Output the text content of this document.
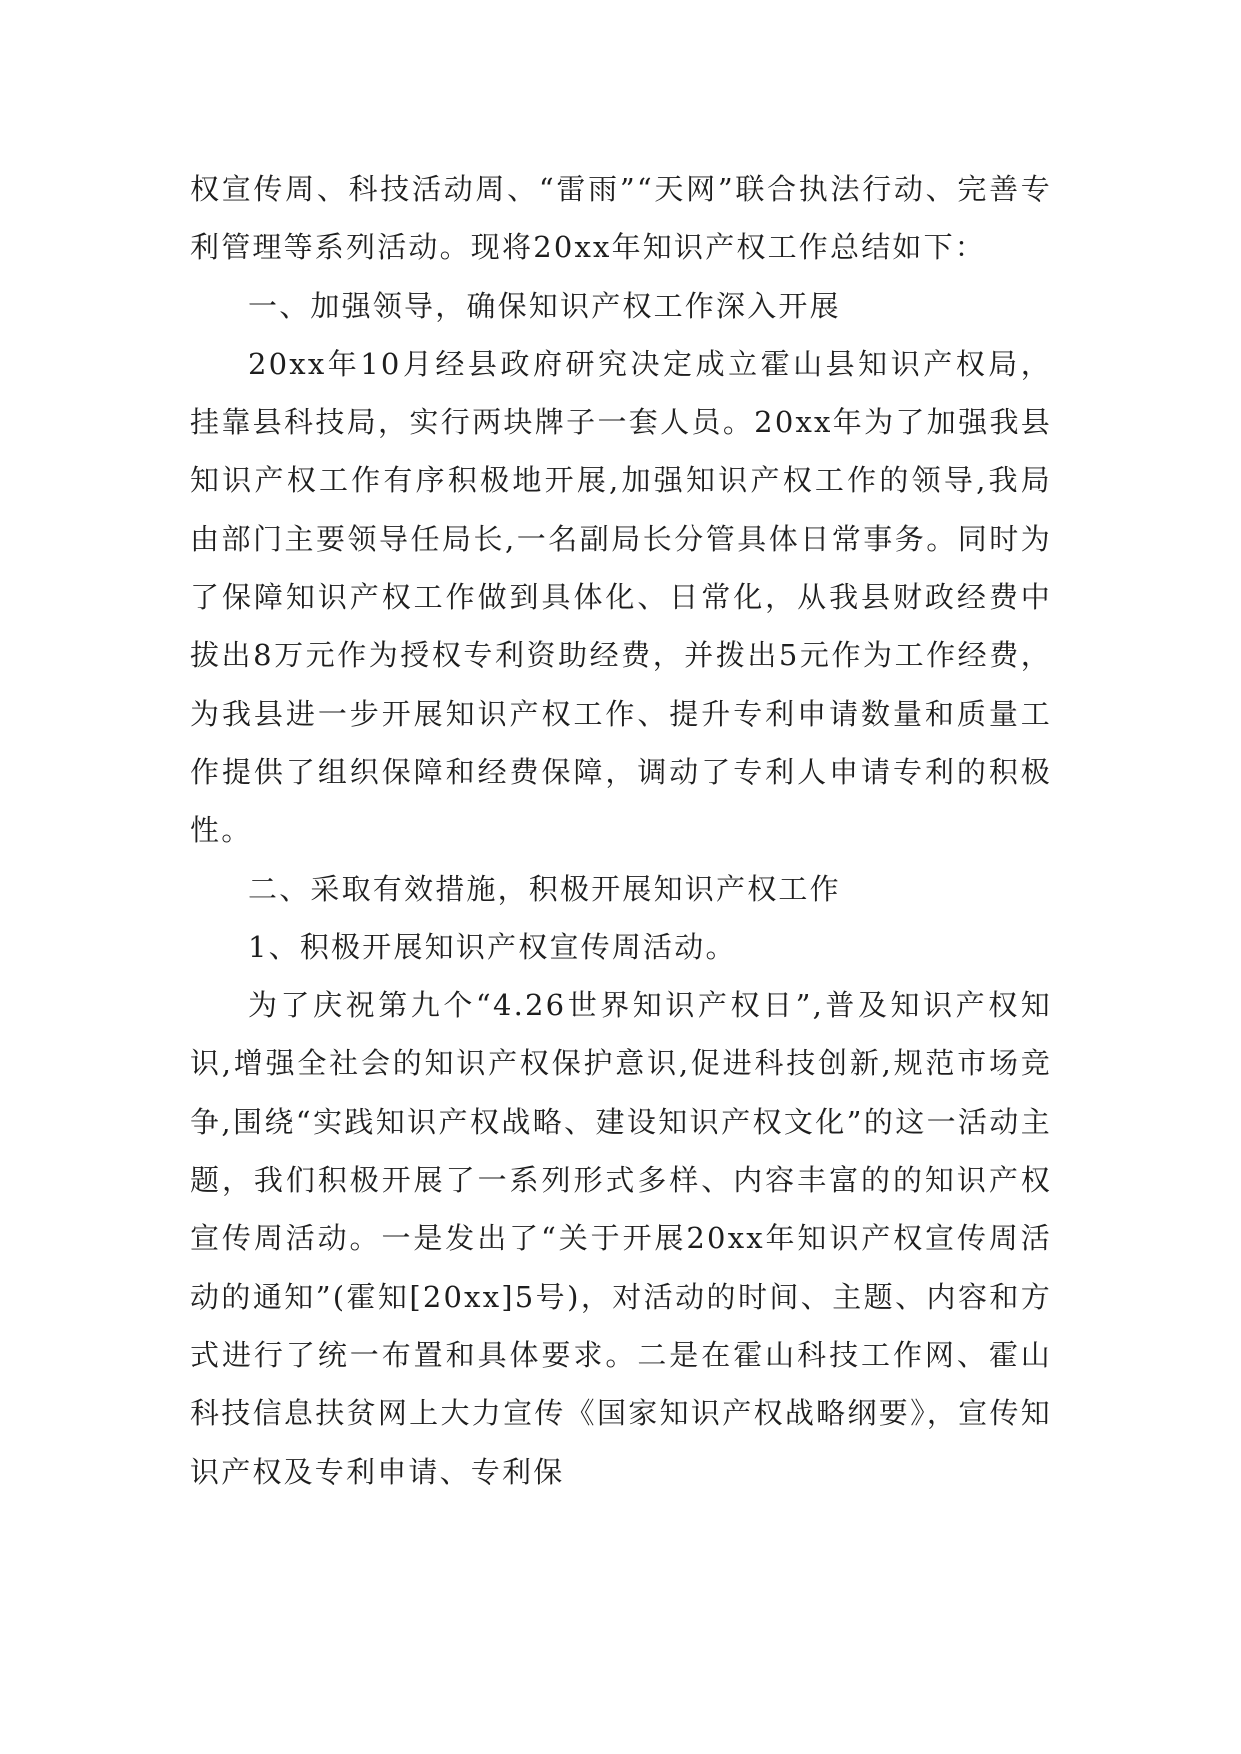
权宣传周、科技活动周、“雷雨”“天网”联合执法行动、完善专利管理等系列活动。现将20xx年知识产权工作总结如下：

一、加强领导，确保知识产权工作深入开展

20xx年10月经县政府研究决定成立霍山县知识产权局，挂靠县科技局，实行两块牌子一套人员。20xx年为了加强我县知识产权工作有序积极地开展,加强知识产权工作的领导,我局由部门主要领导任局长,一名副局长分管具体日常事务。同时为了保障知识产权工作做到具体化、日常化，从我县财政经费中拔出8万元作为授权专利资助经费，并拨出5元作为工作经费，为我县进一步开展知识产权工作、提升专利申请数量和质量工作提供了组织保障和经费保障，调动了专利人申请专利的积极性。

二、采取有效措施，积极开展知识产权工作

1、积极开展知识产权宣传周活动。

为了庆祝第九个“4.26世界知识产权日”,普及知识产权知识,增强全社会的知识产权保护意识,促进科技创新,规范市场竞争,围绕“实践知识产权战略、建设知识产权文化”的这一活动主题，我们积极开展了一系列形式多样、内容丰富的的知识产权宣传周活动。一是发出了“关于开展20xx年知识产权宣传周活动的通知”(霍知[20xx]5号)，对活动的时间、主题、内容和方式进行了统一布置和具体要求。二是在霍山科技工作网、霍山科技信息扶贫网上大力宣传《国家知识产权战略纲要》，宣传知识产权及专利申请、专利保
